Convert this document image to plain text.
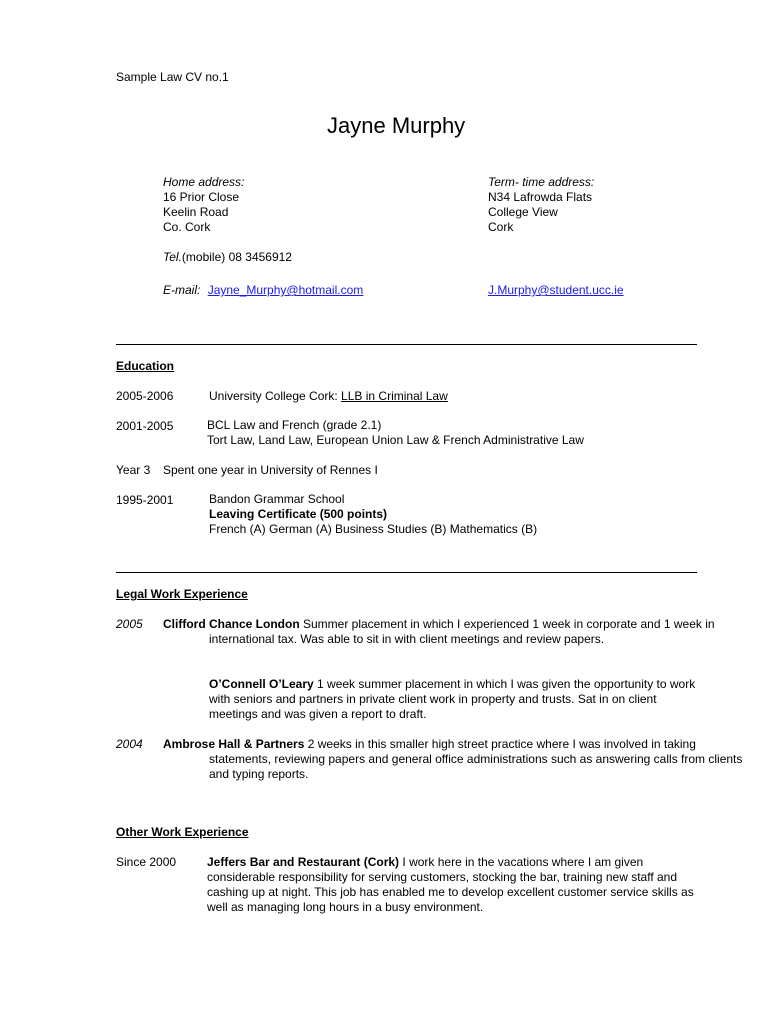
Sample Law CV no.1
Jayne Murphy
Home address:
16 Prior Close
Keelin Road
Co. Cork
Term- time address:
N34 Lafrowda Flats
College View
Cork
Tel.(mobile) 08 3456912
E-mail: Jayne_Murphy@hotmail.com	J.Murphy@student.ucc.ie
Education
2005-2006	University College Cork: LLB in Criminal Law
2001-2005	BCL Law and French (grade 2.1)
Tort Law, Land Law, European Union Law & French Administrative Law
Year 3 Spent one year in University of Rennes I
1995-2001	Bandon Grammar School
Leaving Certificate (500 points)
French (A) German (A) Business Studies (B) Mathematics (B)
Legal Work Experience
2005 Clifford Chance London Summer placement in which I experienced 1 week in corporate and 1 week in international tax. Was able to sit in with client meetings and review papers.
O’Connell O’Leary 1 week summer placement in which I was given the opportunity to work with seniors and partners in private client work in property and trusts. Sat in on client meetings and was given a report to draft.
2004 Ambrose Hall & Partners 2 weeks in this smaller high street practice where I was involved in taking statements, reviewing papers and general office administrations such as answering calls from clients and typing reports.
Other Work Experience
Since 2000	Jeffers Bar and Restaurant (Cork) I work here in the vacations where I am given considerable responsibility for serving customers, stocking the bar, training new staff and cashing up at night. This job has enabled me to develop excellent customer service skills as well as managing long hours in a busy environment.
